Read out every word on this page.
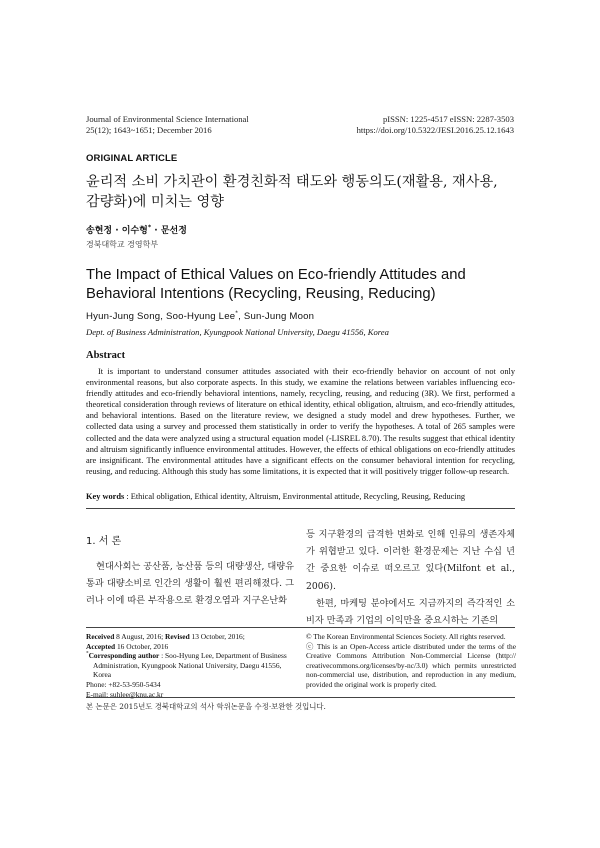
Journal of Environmental Science International
25(12); 1643~1651; December 2016
pISSN: 1225-4517 eISSN: 2287-3503
https://doi.org/10.5322/JESI.2016.25.12.1643
ORIGINAL ARTICLE
윤리적 소비 가치관이 환경친화적 태도와 행동의도(재활용, 재사용,
감량화)에 미치는 영향
송현정 · 이수형* · 문선정
경북대학교 경영학부
The Impact of Ethical Values on Eco-friendly Attitudes and
Behavioral Intentions (Recycling, Reusing, Reducing)
Hyun-Jung Song, Soo-Hyung Lee*, Sun-Jung Moon
Dept. of Business Administration, Kyungpook National University, Daegu 41556, Korea
Abstract
It is important to understand consumer attitudes associated with their eco-friendly behavior on account of not only environmental reasons, but also corporate aspects. In this study, we examine the relations between variables influencing eco-friendly attitudes and eco-friendly behavioral intentions, namely, recycling, reusing, and reducing (3R). We first, performed a theoretical consideration through reviews of literature on ethical identity, ethical obligation, altruism, and eco-friendly attitudes, and behavioral intentions. Based on the literature review, we designed a study model and drew hypotheses. Further, we collected data using a survey and processed them statistically in order to verify the hypotheses. A total of 265 samples were collected and the data were analyzed using a structural equation model (-LISREL 8.70). The results suggest that ethical identity and altruism significantly influence environmental attitudes. However, the effects of ethical obligations on eco-friendly attitudes are insignificant. The environmental attitudes have a significant effects on the consumer behavioral intention for recycling, reusing, and reducing. Although this study has some limitations, it is expected that it will positively trigger follow-up research.
Key words : Ethical obligation, Ethical identity, Altruism, Environmental attitude, Recycling, Reusing, Reducing
1. 서 론
현대사회는 공산품, 농산품 등의 대량생산, 대량유통과 대량소비로 인간의 생활이 훨씬 편리해졌다. 그러나 이에 따른 부작용으로 환경오염과 지구온난화

등 지구환경의 급격한 변화로 인해 인류의 생존자체가 위협받고 있다. 이러한 환경문제는 지난 수십 년간 중요한 이슈로 떠오르고 있다(Milfont et al., 2006).

한편, 마케팅 분야에서도 지금까지의 즉각적인 소비자 만족과 기업의 이익만을 중요시하는 기존의

Received 8 August, 2016; Revised 13 October, 2016;
Accepted 16 October, 2016
*Corresponding author : Soo-Hyung Lee, Department of Business Administration, Kyungpook National University, Daegu 41556, Korea
Phone: +82-53-950-5434
E-mail: suhlee@knu.ac.kr

© The Korean Environmental Sciences Society. All rights reserved.

ⓒ This is an Open-Access article distributed under the terms of the Creative Commons Attribution Non-Commercial License (http:// creativecommons.org/licenses/by-nc/3.0) which permits unrestricted non-commercial use, distribution, and reproduction in any medium, provided the original work is properly cited.

본 논문은 2015년도 경북대학교의 석사 학위논문을 수정·보완한 것입니다.
